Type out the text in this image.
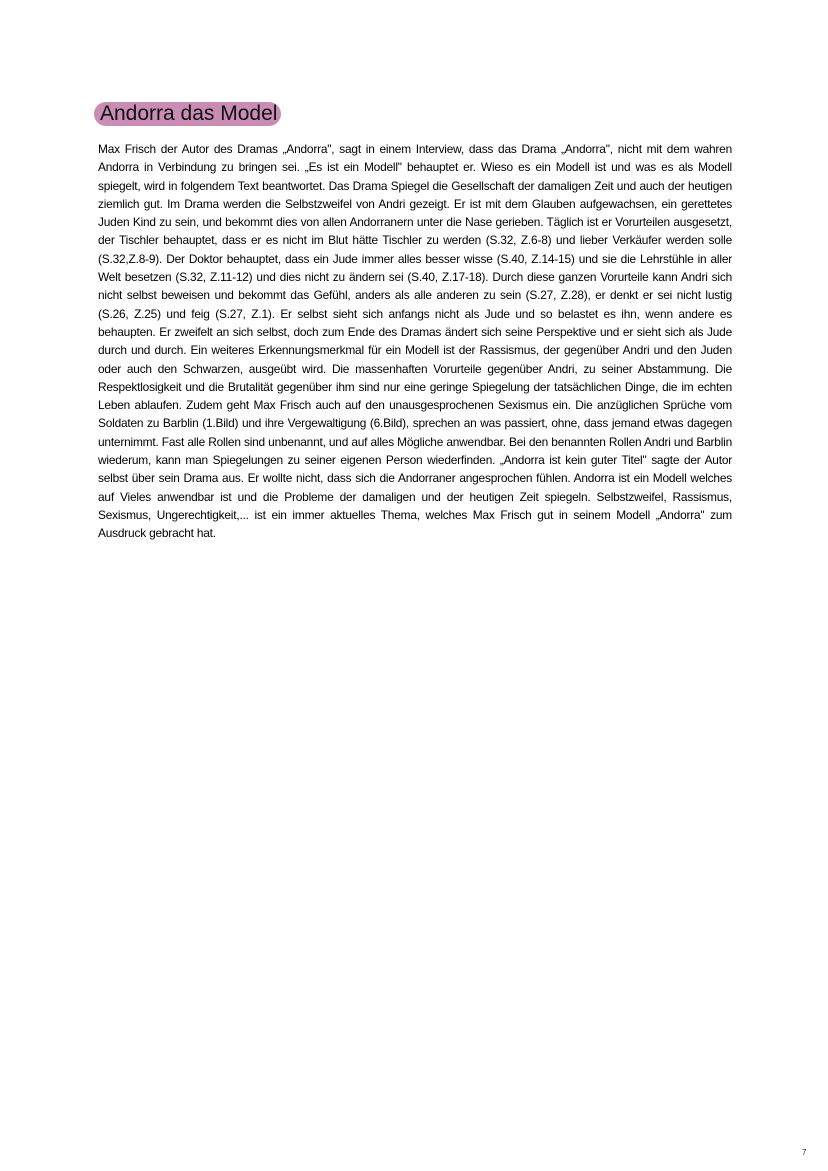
Andorra das Model

Max Frisch der Autor des Dramas „Andorra", sagt in einem Interview, dass das Drama „Andorra", nicht mit dem wahren Andorra in Verbindung zu bringen sei. „Es ist ein Modell" behauptet er. Wieso es ein Modell ist und was es als Modell spiegelt, wird in folgendem Text beantwortet. Das Drama Spiegel die Gesellschaft der damaligen Zeit und auch der heutigen ziemlich gut. Im Drama werden die Selbstzweifel von Andri gezeigt. Er ist mit dem Glauben aufgewachsen, ein gerettetes Juden Kind zu sein, und bekommt dies von allen Andorranern unter die Nase gerieben. Täglich ist er Vorurteilen ausgesetzt, der Tischler behauptet, dass er es nicht im Blut hätte Tischler zu werden (S.32, Z.6-8) und lieber Verkäufer werden solle (S.32,Z.8-9). Der Doktor behauptet, dass ein Jude immer alles besser wisse (S.40, Z.14-15) und sie die Lehrstühle in aller Welt besetzen (S.32, Z.11-12) und dies nicht zu ändern sei (S.40, Z.17-18). Durch diese ganzen Vorurteile kann Andri sich nicht selbst beweisen und bekommt das Gefühl, anders als alle anderen zu sein (S.27, Z.28), er denkt er sei nicht lustig (S.26, Z.25) und feig (S.27, Z.1). Er selbst sieht sich anfangs nicht als Jude und so belastet es ihn, wenn andere es behaupten. Er zweifelt an sich selbst, doch zum Ende des Dramas ändert sich seine Perspektive und er sieht sich als Jude durch und durch. Ein weiteres Erkennungsmerkmal für ein Modell ist der Rassismus, der gegenüber Andri und den Juden oder auch den Schwarzen, ausgeübt wird. Die massenhaften Vorurteile gegenüber Andri, zu seiner Abstammung. Die Respektlosigkeit und die Brutalität gegenüber ihm sind nur eine geringe Spiegelung der tatsächlichen Dinge, die im echten Leben ablaufen. Zudem geht Max Frisch auch auf den unausgesprochenen Sexismus ein. Die anzüglichen Sprüche vom Soldaten zu Barblin (1.Bild) und ihre Vergewaltigung (6.Bild), sprechen an was passiert, ohne, dass jemand etwas dagegen unternimmt. Fast alle Rollen sind unbenannt, und auf alles Mögliche anwendbar. Bei den benannten Rollen Andri und Barblin wiederum, kann man Spiegelungen zu seiner eigenen Person wiederfinden. „Andorra ist kein guter Titel" sagte der Autor selbst über sein Drama aus. Er wollte nicht, dass sich die Andorraner angesprochen fühlen. Andorra ist ein Modell welches auf Vieles anwendbar ist und die Probleme der damaligen und der heutigen Zeit spiegeln. Selbstzweifel, Rassismus, Sexismus, Ungerechtigkeit,... ist ein immer aktuelles Thema, welches Max Frisch gut in seinem Modell „Andorra" zum Ausdruck gebracht hat.

7
